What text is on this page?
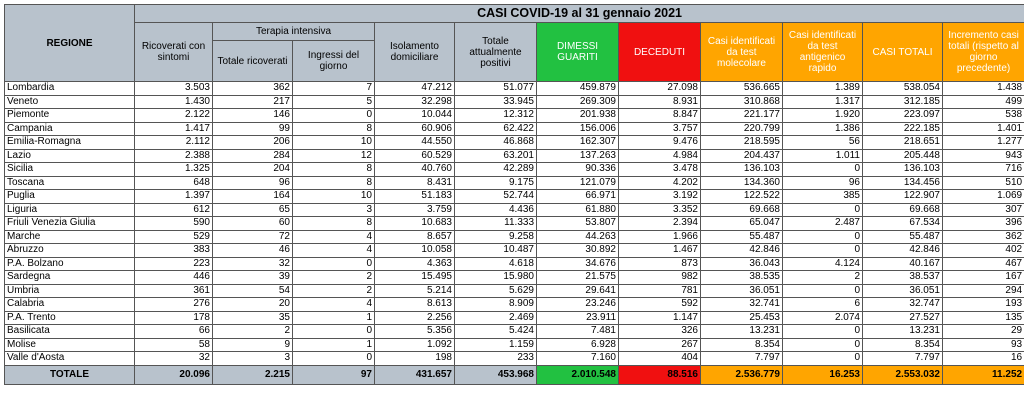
REGIONE	CASI COVID-19 al 31 gennaio 2021										
	Ricoverati con sintomi	Terapia intensiva		Isolamento domiciliare	Totale attualmente positivi	DIMESSI GUARITI	DECEDUTI	Casi identificati da test molecolare	Casi identificati da test antigenico rapido	CASI TOTALI	Incremento casi totali (rispetto al giorno precedente)
		Totale ricoverati	Ingressi del giorno								
Lombardia	3.503	362	7	47.212	51.077	459.879	27.098	536.665	1.389	538.054	1.438
Veneto	1.430	217	5	32.298	33.945	269.309	8.931	310.868	1.317	312.185	499
Piemonte	2.122	146	0	10.044	12.312	201.938	8.847	221.177	1.920	223.097	538
Campania	1.417	99	8	60.906	62.422	156.006	3.757	220.799	1.386	222.185	1.401
Emilia-Romagna	2.112	206	10	44.550	46.868	162.307	9.476	218.595	56	218.651	1.277
Lazio	2.388	284	12	60.529	63.201	137.263	4.984	204.437	1.011	205.448	943
Sicilia	1.325	204	8	40.760	42.289	90.336	3.478	136.103	0	136.103	716
Toscana	648	96	8	8.431	9.175	121.079	4.202	134.360	96	134.456	510
Puglia	1.397	164	10	51.183	52.744	66.971	3.192	122.522	385	122.907	1.069
Liguria	612	65	3	3.759	4.436	61.880	3.352	69.668	0	69.668	307
Friuli Venezia Giulia	590	60	8	10.683	11.333	53.807	2.394	65.047	2.487	67.534	396
Marche	529	72	4	8.657	9.258	44.263	1.966	55.487	0	55.487	362
Abruzzo	383	46	4	10.058	10.487	30.892	1.467	42.846	0	42.846	402
P.A. Bolzano	223	32	0	4.363	4.618	34.676	873	36.043	4.124	40.167	467
Sardegna	446	39	2	15.495	15.980	21.575	982	38.535	2	38.537	167
Umbria	361	54	2	5.214	5.629	29.641	781	36.051	0	36.051	294
Calabria	276	20	4	8.613	8.909	23.246	592	32.741	6	32.747	193
P.A. Trento	178	35	1	2.256	2.469	23.911	1.147	25.453	2.074	27.527	135
Basilicata	66	2	0	5.356	5.424	7.481	326	13.231	0	13.231	29
Molise	58	9	1	1.092	1.159	6.928	267	8.354	0	8.354	93
Valle d'Aosta	32	3	0	198	233	7.160	404	7.797	0	7.797	16
TOTALE	20.096	2.215	97	431.657	453.968	2.010.548	88.516	2.536.779	16.253	2.553.032	11.252
